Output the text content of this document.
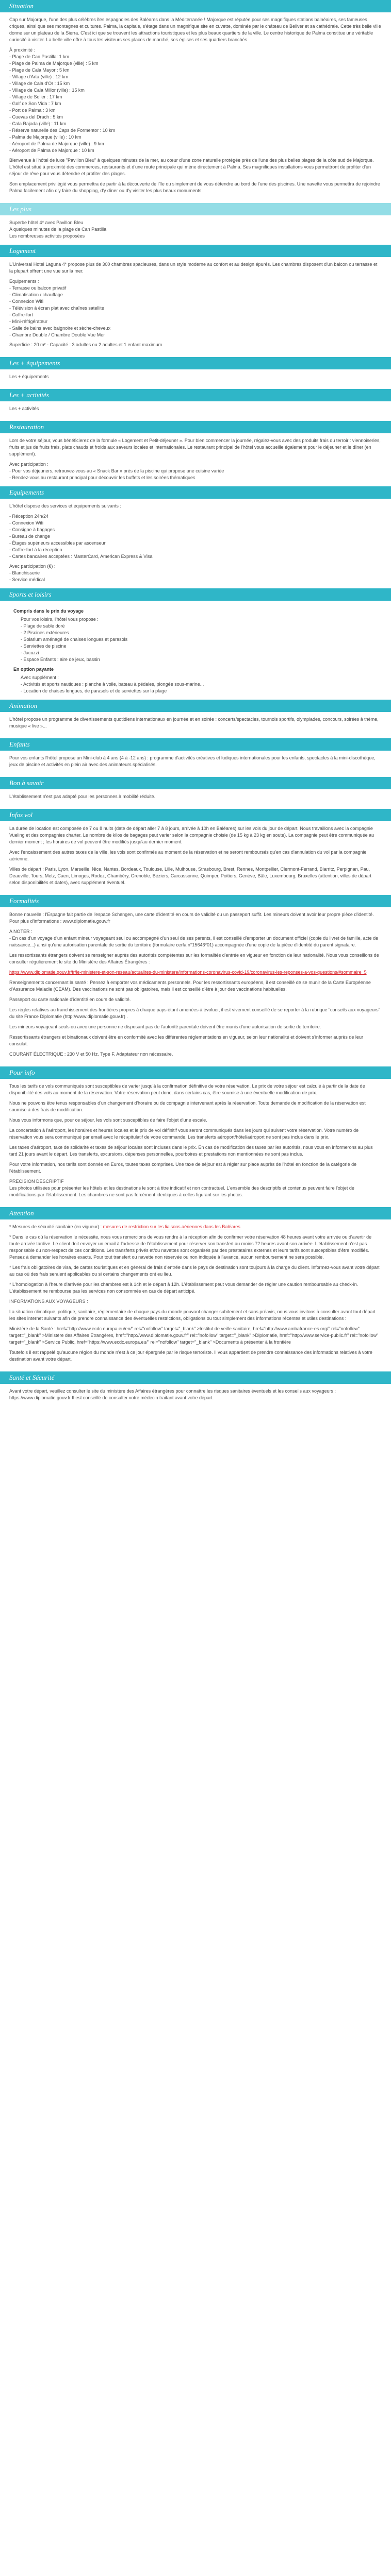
Situation

Cap sur Majorque, l'une des plus célèbres îles espagnoles des Baléares dans la Méditerranée ! Majorque est réputée pour ses magnifiques stations balnéaires, ses fameuses criques, ainsi que ses montagnes et cultures. Palma, la capitale, s'étage dans un magnifique site en cuvette, dominée par le château de Bellver et sa cathédrale. Cette très belle ville donne sur un plateau de la Sierra. C'est ici que se trouvent les attractions touristiques et les plus beaux quartiers de la ville. Le centre historique de Palma constitue une véritable curiosité à visiter. La belle ville offre à tous les visiteurs ses places de marché, ses églises et ses quartiers branchés.

À proximité :
- Plage de Can Pastilla: 1 km
- Plage de Palma de Majorque (ville) : 5 km
- Plage de Cala Mayor : 5 km
- Village d'Arta (ville) : 12 km
- Village de Cala d'Or : 15 km
- Village de Cala Millor (ville) : 15 km
- Village de Soller : 17 km
- Golf de Son Vida : 7 km
- Port de Palma : 3 km
- Cuevas del Drach : 5 km
- Cala Rajada (ville) : 11 km
- Réserve naturelle des Caps de Formentor : 10 km
- Palma de Majorque (ville) : 10 km
- Aéroport de Palma de Majorque (ville) : 9 km
- Aéroport de Palma de Majorque : 10 km

Bienvenue à l'hôtel de luxe "Pavillon Bleu" à quelques minutes de la mer, au cœur d'une zone naturelle protégée près de l'une des plus belles plages de la côte sud de Majorque. L'hôtel est situé à proximité des commerces, restaurants et d'une route principale qui mène directement à Palma. Ses magnifiques installations vous permettront de profiter d'un séjour de rêve pour vous détendre et profiter des plages.

Son emplacement privilégié vous permettra de partir à la découverte de l'île ou simplement de vous détendre au bord de l'une des piscines. Une navette vous permettra de rejoindre Palma facilement afin d'y faire du shopping, d'y dîner ou d'y visiter les plus beaux monuments.

Les plus
Superbe hôtel 4* avec Pavillon Bleu
A quelques minutes de la plage de Can Pastilla
Les nombreuses activités proposées
Logement

L'Universal Hotel Laguna 4* propose plus de 300 chambres spacieuses, dans un style moderne au confort et au design épurés. Les chambres disposent d'un balcon ou terrasse et la plupart offrent une vue sur la mer.

Equipements :
- Terrasse ou balcon privatif
- Climatisation / chauffage
- Connexion Wifi
- Télévision à écran plat avec chaînes satellite
- Coffre-fort
- Mini-réfrigérateur
- Salle de bains avec baignoire et sèche-cheveux
- Chambre Double / Chambre Double Vue Mer

Superficie : 20 m² - Capacité : 3 adultes ou 2 adultes et 1 enfant maximum

Les + équipements

Les + équipements

Les + activités

Les + activités

Restauration

Lors de votre séjour, vous bénéficierez de la formule « Logement et Petit-déjeuner ». Pour bien commencer la journée, régalez-vous avec des produits frais du terroir : viennoiseries, fruits et jus de fruits frais, plats chauds et froids aux saveurs locales et internationales. Le restaurant principal de l'hôtel vous accueille également pour le déjeuner et le dîner (en supplément).

Avec participation :
- Pour vos déjeuners, retrouvez-vous au « Snack Bar » près de la piscine qui propose une cuisine variée
- Rendez-vous au restaurant principal pour découvrir les buffets et les soirées thématiques
Equipements

L'hôtel dispose des services et équipements suivants :

- Réception 24h/24
- Connexion Wifi
- Consigne à bagages
- Bureau de change
- Étages supérieurs accessibles par ascenseur
- Coffre-fort à la réception
- Cartes bancaires acceptées : MasterCard, American Express & Visa
Avec participation (€) :
- Blanchisserie
- Service médical
Sports et loisirs
Compris dans le prix du voyage
Pour vos loisirs, l'hôtel vous propose :
- Plage de sable doré
- 2 Piscines extérieures
- Solarium aménagé de chaises longues et parasols
- Serviettes de piscine
- Jacuzzi
- Espace Enfants : aire de jeux, bassin
En option payante
Avec supplément :
- Activités et sports nautiques : planche à voile, bateau à pédales, plongée sous-marine...
- Location de chaises longues, de parasols et de serviettes sur la plage
Animation

L'hôtel propose un programme de divertissements quotidiens internationaux en journée et en soirée : concerts/spectacles, tournois sportifs, olympiades, concours, soirées à thème, musique « live »...

Enfants

Pour vos enfants l'hôtel propose un Mini-club à 4 ans (4 à -12 ans) : programme d'activités créatives et ludiques internationales pour les enfants, spectacles à la mini-discothèque, jeux de piscine et activités en plein air avec des animateurs spécialisés.

Bon à savoir

L'établissement n'est pas adapté pour les personnes à mobilité réduite.

Infos vol

La durée de location est composée de 7 ou 8 nuits (date de départ aller 7 à 8 jours, arrivée à 10h en Baléares) sur les vols du jour de départ. Nous travaillons avec la compagnie Vueling et des compagnies charter. Le nombre de kilos de bagages peut varier selon la compagnie choisie (de 15 kg à 23 kg en soute). La compagnie peut être communiquée au dernier moment ; les horaires de vol peuvent être modifiés jusqu'au dernier moment.

Avec l'encaissement des autres taxes de la ville, les vols sont confirmés au moment de la réservation et ne seront remboursés qu'en cas d'annulation du vol par la compagnie aérienne.

Villes de départ : Paris, Lyon, Marseille, Nice, Nantes, Bordeaux, Toulouse, Lille, Mulhouse, Strasbourg, Brest, Rennes, Montpellier, Clermont-Ferrand, Biarritz, Perpignan, Pau, Deauville, Tours, Metz, Caen, Limoges, Rodez, Chambéry, Grenoble, Béziers, Carcassonne, Quimper, Poitiers, Genève, Bâle, Luxembourg, Bruxelles (attention, villes de départ selon disponibilités et dates), avec supplément éventuel.

Formalités

Bonne nouvelle : l'Espagne fait partie de l'espace Schengen, une carte d'identité en cours de validité ou un passeport suffit. Les mineurs doivent avoir leur propre pièce d'identité. Pour plus d'informations : www.diplomatie.gouv.fr

A NOTER :

- En cas d'un voyage d'un enfant mineur voyageant seul ou accompagné d'un seul de ses parents, il est conseillé d'emporter un document officiel (copie du livret de famille, acte de naissance...) ainsi qu'une autorisation parentale de sortie du territoire (formulaire cerfa n°15646*01) accompagnée d'une copie de la pièce d'identité du parent signataire.

Les ressortissants étrangers doivent se renseigner auprès des autorités compétentes sur les formalités d'entrée en vigueur en fonction de leur nationalité. Nous vous conseillons de consulter régulièrement le site du Ministère des Affaires Étrangères :

https://www.diplomatie.gouv.fr/fr/le-ministere-et-son-reseau/actualites-du-ministere/informations-coronavirus-covid-19/coronavirus-les-reponses-a-vos-questions/#sommaire_5

Renseignements concernant la santé : Pensez à emporter vos médicaments personnels. Pour les ressortissants européens, il est conseillé de se munir de la Carte Européenne d'Assurance Maladie (CEAM). Des vaccinations ne sont pas obligatoires, mais il est conseillé d'être à jour des vaccinations habituelles.

Passeport ou carte nationale d'identité en cours de validité.

Les règles relatives au franchissement des frontières propres à chaque pays étant amenées à évoluer, il est vivement conseillé de se reporter à la rubrique "conseils aux voyageurs" du site France Diplomatie (http://www.diplomatie.gouv.fr) .

Les mineurs voyageant seuls ou avec une personne ne disposant pas de l'autorité parentale doivent être munis d'une autorisation de sortie de territoire.

Ressortissants étrangers et binationaux doivent être en conformité avec les différentes réglementations en vigueur, selon leur nationalité et doivent s'informer auprès de leur consulat.

COURANT ÉLECTRIQUE : 230 V et 50 Hz. Type F. Adaptateur non nécessaire.

Pour info

Tous les tarifs de vols communiqués sont susceptibles de varier jusqu'à la confirmation définitive de votre réservation. Le prix de votre séjour est calculé à partir de la date de disponibilité des vols au moment de la réservation. Votre réservation peut donc, dans certains cas, être soumise à une éventuelle modification de prix.

Nous ne pouvons être tenus responsables d'un changement d'horaire ou de compagnie intervenant après la réservation. Toute demande de modification de la réservation est soumise à des frais de modification.

Nous vous informons que, pour ce séjour, les vols sont susceptibles de faire l'objet d'une escale.

La concertation à l'aéroport, les horaires et heures locales et le prix de vol définitif vous seront communiqués dans les jours qui suivent votre réservation. Votre numéro de réservation vous sera communiqué par email avec le récapitulatif de votre commande. Les transferts aéroport/hôtel/aéroport ne sont pas inclus dans le prix.

Les taxes d'aéroport, taxe de solidarité et taxes de séjour locales sont incluses dans le prix. En cas de modification des taxes par les autorités, nous vous en informerons au plus tard 21 jours avant le départ. Les transferts, excursions, dépenses personnelles, pourboires et prestations non mentionnées ne sont pas inclus.

Pour votre information, nos tarifs sont donnés en Euros, toutes taxes comprises. Une taxe de séjour est à régler sur place auprès de l'hôtel en fonction de la catégorie de l'établissement.

PRECISION DESCRIPTIF

Les photos utilisées pour présenter les hôtels et les destinations le sont à titre indicatif et non contractuel. L'ensemble des descriptifs et contenus peuvent faire l'objet de modifications par l'établissement. Les chambres ne sont pas forcément identiques à celles figurant sur les photos.

Attention

* Mesures de sécurité sanitaire (en vigueur) : mesures de restriction sur les liaisons aériennes dans les Baléares

* Dans le cas où la réservation le nécessite, nous vous remercions de vous rendre à la réception afin de confirmer votre réservation 48 heures avant votre arrivée ou d'avertir de toute arrivée tardive. Le client doit envoyer un email à l'adresse de l'établissement pour réserver son transfert au moins 72 heures avant son arrivée. L'établissement n'est pas responsable du non-respect de ces conditions. Les transferts privés et/ou navettes sont organisés par des prestataires externes et leurs tarifs sont susceptibles d'être modifiés. Pensez à demander les horaires exacts. Pour tout transfert ou navette non réservée ou non indiquée à l'avance, aucun remboursement ne sera possible.

* Les frais obligatoires de visa, de cartes touristiques et en général de frais d'entrée dans le pays de destination sont toujours à la charge du client. Informez-vous avant votre départ au cas où des frais seraient applicables ou si certains changements ont eu lieu.

* L'homologation à l'heure d'arrivée pour les chambres est à 14h et le départ à 12h. L'établissement peut vous demander de régler une caution remboursable au check-in. L'établissement ne rembourse pas les services non consommés en cas de départ anticipé.

INFORMATIONS AUX VOYAGEURS :

La situation climatique, politique, sanitaire, réglementaire de chaque pays du monde pouvant changer subitement et sans préavis, nous vous invitons à consulter avant tout départ les sites internet suivants afin de prendre connaissance des éventuelles restrictions, obligations ou tout simplement des informations récentes et utiles destinations :

Ministère de la Santé : href="http://www.ecdc.europa.eu/en/" rel="nofollow" target="_blank" >Institut de veille sanitaire, href="http://www.ambafrance-es.org/" rel="nofollow" target="_blank" >Ministère des Affaires Étrangères, href="http://www.diplomatie.gouv.fr" rel="nofollow" target="_blank" >Diplomatie, href="http://www.service-public.fr" rel="nofollow" target="_blank" >Service Public, href="https://www.ecdc.europa.eu/" rel="nofollow" target="_blank" >Documents à présenter à la frontière

Toutefois il est rappelé qu'aucune région du monde n'est à ce jour épargnée par le risque terroriste. Il vous appartient de prendre connaissance des informations relatives à votre destination avant votre départ.

Santé et Sécurité

Avant votre départ, veuillez consulter le site du ministère des Affaires étrangères pour connaître les risques sanitaires éventuels et les conseils aux voyageurs : https://www.diplomatie.gouv.fr Il est conseillé de consulter votre médecin traitant avant votre départ.
